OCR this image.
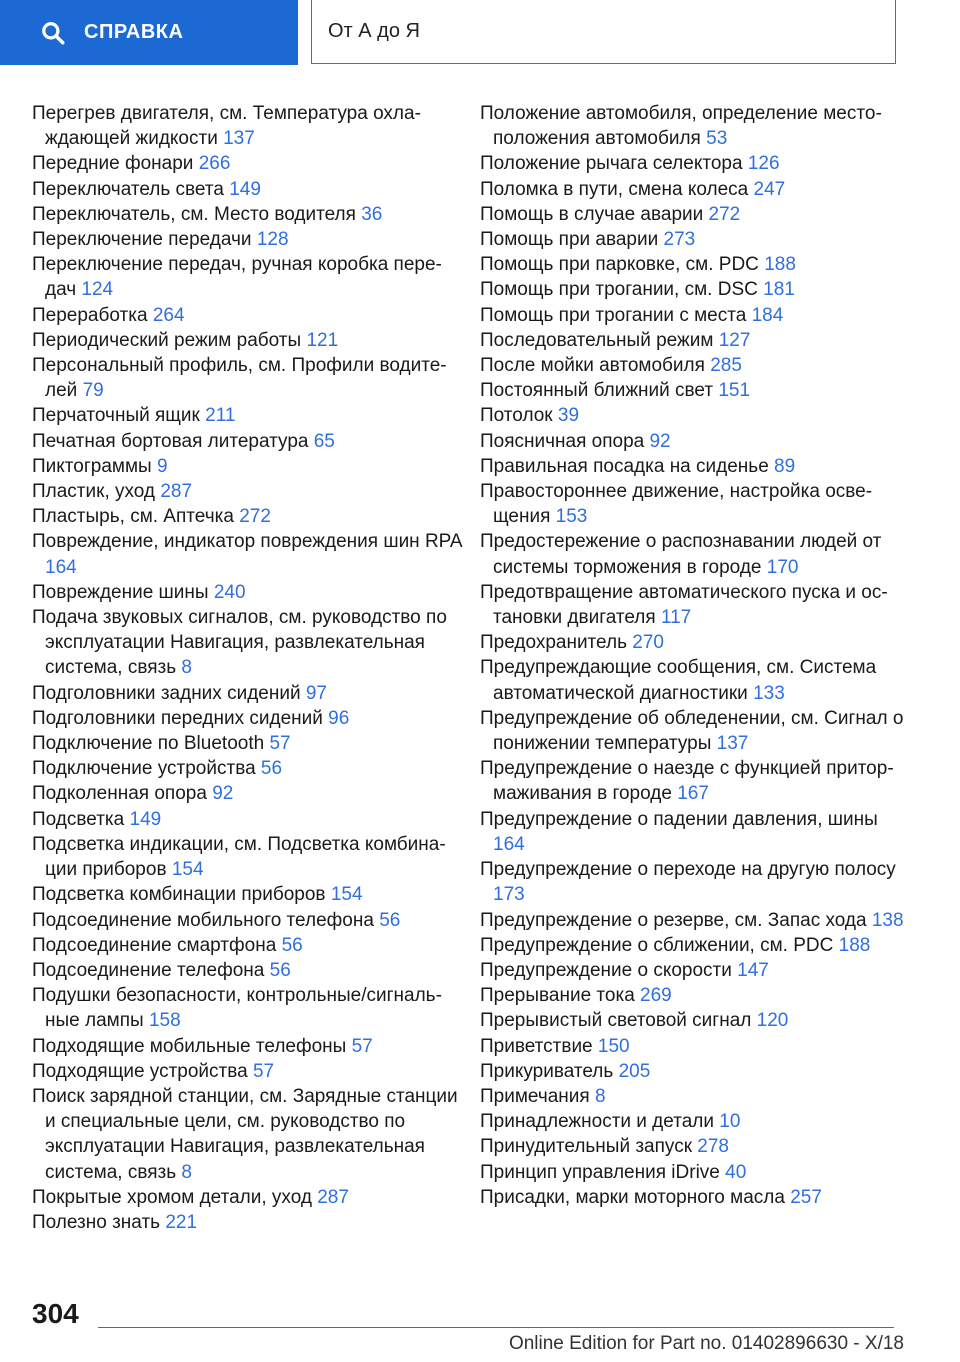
СПРАВКА	От А до Я
Перегрев двигателя, см. Температура охлаждающей жидкости 137
Передние фонари 266
Переключатель света 149
Переключатель, см. Место водителя 36
Переключение передачи 128
Переключение передач, ручная коробка передач 124
Переработка 264
Периодический режим работы 121
Персональный профиль, см. Профили водителей 79
Перчаточный ящик 211
Печатная бортовая литература 65
Пиктограммы 9
Пластик, уход 287
Пластырь, см. Аптечка 272
Повреждение, индикатор повреждения шин RPA 164
Повреждение шины 240
Подача звуковых сигналов, см. руководство по эксплуатации Навигация, развлекательная система, связь 8
Подголовники задних сидений 97
Подголовники передних сидений 96
Подключение по Bluetooth 57
Подключение устройства 56
Подколенная опора 92
Подсветка 149
Подсветка индикации, см. Подсветка комбинации приборов 154
Подсветка комбинации приборов 154
Подсоединение мобильного телефона 56
Подсоединение смартфона 56
Подсоединение телефона 56
Подушки безопасности, контрольные/сигнальные лампы 158
Подходящие мобильные телефоны 57
Подходящие устройства 57
Поиск зарядной станции, см. Зарядные станции и специальные цели, см. руководство по эксплуатации Навигация, развлекательная система, связь 8
Покрытые хромом детали, уход 287
Полезно знать 221
Положение автомобиля, определение местоположения автомобиля 53
Положение рычага селектора 126
Поломка в пути, смена колеса 247
Помощь в случае аварии 272
Помощь при аварии 273
Помощь при парковке, см. PDC 188
Помощь при трогании, см. DSC 181
Помощь при трогании с места 184
Последовательный режим 127
После мойки автомобиля 285
Постоянный ближний свет 151
Потолок 39
Поясничная опора 92
Правильная посадка на сиденье 89
Правостороннее движение, настройка освещения 153
Предостережение о распознавании людей от системы торможения в городе 170
Предотвращение автоматического пуска и остановки двигателя 117
Предохранитель 270
Предупреждающие сообщения, см. Система автоматической диагностики 133
Предупреждение об обледенении, см. Сигнал о понижении температуры 137
Предупреждение о наезде с функцией притормаживания в городе 167
Предупреждение о падении давления, шины 164
Предупреждение о переходе на другую полосу 173
Предупреждение о резерве, см. Запас хода 138
Предупреждение о сближении, см. PDC 188
Предупреждение о скорости 147
Прерывание тока 269
Прерывистый световой сигнал 120
Приветствие 150
Прикуриватель 205
Примечания 8
Принадлежности и детали 10
Принудительный запуск 278
Принцип управления iDrive 40
Присадки, марки моторного масла 257
304
Online Edition for Part no. 01402896630 - X/18
